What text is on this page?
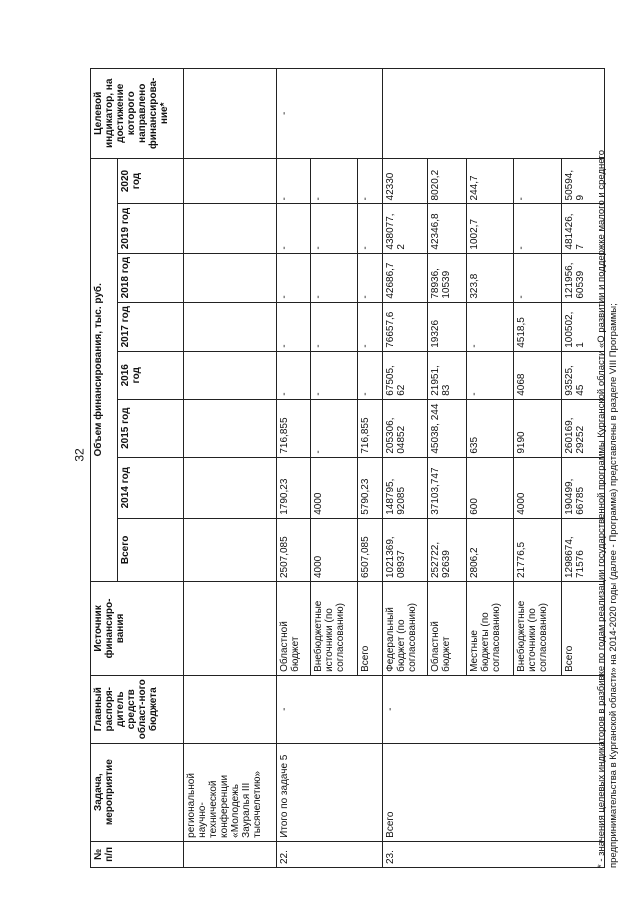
32
№ п/п	Задача, мероприятие	Главный распоря-дитель средств област-ного бюджета	Источник финансиро-вания	Объем финансирования, тыс. руб.								Целевой индикатор, на достижение которого направлено финансирова-ние*
				Всего	2014 год	2015 год	2016 год	2017 год	2018 год	2019 год	2020 год	
	региональной научно-технической конференции «Молодежь Зауралья III тысячелетию»											
22.	Итого по задаче 5	-	Областной бюджет	2507,085	1790,23	716,855	-	-	-	-	-	-
			Внебюджетные источники (по согласованию)	4000	4000	-	-	-	-	-	-	
			Всего	6507,085	5790,23	716,855	-	-	-	-	-	
23.	Всего	-	Федеральный бюджет (по согласованию)	1021369, 08937	148795, 92085	205306, 04852	67505, 62	76657,6	42686,7	438077, 2	42330	
			Областной бюджет	252722, 92639	37103,747	45038, 244	21951, 83	19326	78936, 10539	42346,8	8020,2	
			Местные бюджеты (по согласованию)	2806,2	600	635	-	-	323,8	1002,7	244,7	
			Внебюджетные источники (по согласованию)	21776,5	4000	9190	4068	4518,5	-	-	-	
			Всего	1298674, 71576	190499, 66785	260169, 29252	93525, 45	100502, 1	121956, 60539	481426, 7	50594, 9	* - значения целевых индикаторов в разбивке по годам реализации государственной программы Курганской области «О развитии и поддержке малого и среднего предпринимательства в Курганской области» на 2014-2020 годы (далее - Программа) представлены в разделе VIII Программы;
